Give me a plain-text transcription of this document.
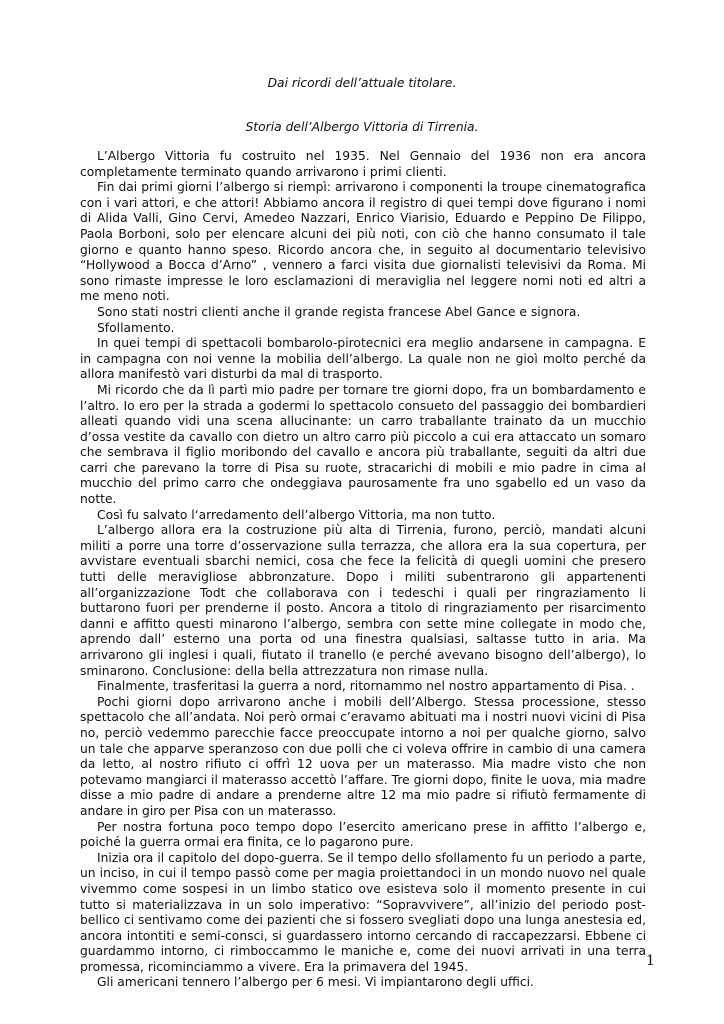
Dai ricordi dell’attuale titolare.
Storia dell’Albergo Vittoria di Tirrenia.

L’Albergo Vittoria fu costruito nel 1935. Nel Gennaio del 1936 non era ancora completamente terminato quando arrivarono i primi clienti.

Fin dai primi giorni l’albergo si riempì: arrivarono i componenti la troupe cinematografica con i vari attori, e che attori! Abbiamo ancora il registro di quei tempi dove figurano i nomi di Alida Valli, Gino Cervi, Amedeo Nazzari, Enrico Viarisio, Eduardo e Peppino De Filippo, Paola Borboni, solo per elencare alcuni dei più noti, con ciò che hanno consumato il tale giorno e quanto hanno speso. Ricordo ancora che, in seguito al documentario televisivo “Hollywood a Bocca d’Arno” , vennero a farci visita due giornalisti televisivi da Roma. Mi sono rimaste impresse le loro esclamazioni di meraviglia nel leggere nomi noti ed altri a me meno noti.

Sono stati nostri clienti anche il grande regista francese Abel Gance e signora.

Sfollamento.

In quei tempi di spettacoli bombarolo-pirotecnici era meglio andarsene in campagna. E in campagna con noi venne la mobilia dell’albergo. La quale non ne gioì molto perché da allora manifestò vari disturbi da mal di trasporto.

Mi ricordo che da lì partì mio padre per tornare tre giorni dopo, fra un bombardamento e l’altro. Io ero per la strada a godermi lo spettacolo consueto del passaggio dei bombardieri alleati quando vidi una scena allucinante: un carro traballante trainato da un mucchio d’ossa vestite da cavallo con dietro un altro carro più piccolo a cui era attaccato un somaro che sembrava il figlio moribondo del cavallo e ancora più traballante, seguiti da altri due carri che parevano la torre di Pisa su ruote, stracarichi di mobili e mio padre in cima al mucchio del primo carro che ondeggiava paurosamente fra uno sgabello ed un vaso da notte.

Così fu salvato l‘arredamento dell’albergo Vittoria, ma non tutto.

L’albergo allora era la costruzione più alta di Tirrenia, furono, perciò, mandati alcuni militi a porre una torre d’osservazione sulla terrazza, che allora era la sua copertura, per avvistare eventuali sbarchi nemici, cosa che fece la felicità di quegli uomini che presero tutti delle meravigliose abbronzature. Dopo i militi subentrarono gli appartenenti all’organizzazione Todt che collaborava con i tedeschi i quali per ringraziamento li buttarono fuori per prenderne il posto. Ancora a titolo di ringraziamento per risarcimento danni e affitto questi minarono l’albergo, sembra con sette mine collegate in modo che, aprendo dall’ esterno una porta od una finestra qualsiasi, saltasse tutto in aria. Ma arrivarono gli inglesi i quali, fiutato il tranello (e perché avevano bisogno dell’albergo), lo sminarono. Conclusione: della bella attrezzatura non rimase nulla.

Finalmente, trasferitasi la guerra a nord, ritornammo nel nostro appartamento di Pisa. .

Pochi giorni dopo arrivarono anche i mobili dell’Albergo. Stessa processione, stesso spettacolo che all’andata. Noi però ormai c’eravamo abituati ma i nostri nuovi vicini di Pisa no, perciò vedemmo parecchie facce preoccupate intorno a noi per qualche giorno, salvo un tale che apparve speranzoso con due polli che ci voleva offrire in cambio di una camera da letto, al nostro rifiuto ci offrì 12 uova per un materasso. Mia madre visto che non potevamo mangiarci il materasso accettò l’affare. Tre giorni dopo, finite le uova, mia madre disse a mio padre di andare a prenderne altre 12 ma mio padre si rifiutò fermamente di andare in giro per Pisa con un materasso.

Per nostra fortuna poco tempo dopo l’esercito americano prese in affitto l’albergo e, poiché la guerra ormai era finita, ce lo pagarono pure.

Inizia ora il capitolo del dopo-guerra. Se il tempo dello sfollamento fu un periodo a parte, un inciso, in cui il tempo passò come per magia proiettandoci in un mondo nuovo nel quale vivemmo come sospesi in un limbo statico ove esisteva solo il momento presente in cui tutto si materializzava in un solo imperativo: “Sopravvivere”, all’inizio del periodo post-bellico ci sentivamo come dei pazienti che si fossero svegliati dopo una lunga anestesia ed, ancora intontiti e semi-consci, si guardassero intorno cercando di raccapezzarsi. Ebbene ci guardammo intorno, ci rimboccammo le maniche e, come dei nuovi arrivati in una terra promessa, ricominciammo a vivere. Era la primavera del 1945.

Gli americani tennero l’albergo per 6 mesi. Vi impiantarono degli uffici.

1
